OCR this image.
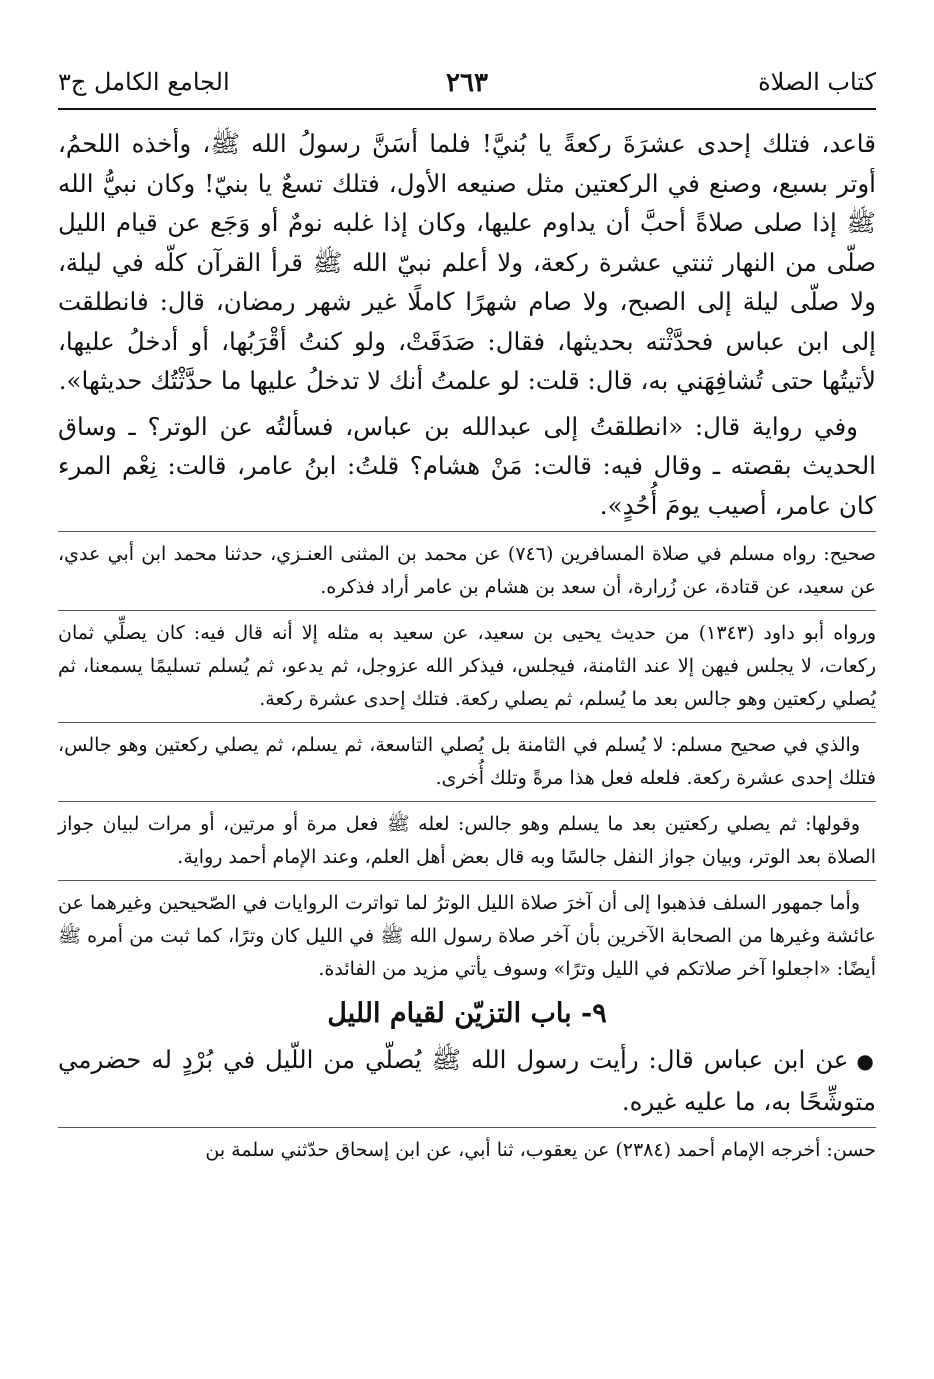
كتاب الصلاة
٢٦٣
الجامع الكامل ج٣

قاعد، فتلك إحدى عشرَةَ ركعةً يا بُنيَّ! فلما أسَنَّ رسولُ الله ﷺ، وأخذه اللحمُ، أوتر بسبع، وصنع في الركعتين مثل صنيعه الأول، فتلك تسعٌ يا بنيّ! وكان نبيُّ الله ﷺ إذا صلى صلاةً أحبَّ أن يداوم عليها، وكان إذا غلبه نومٌ أو وَجَع عن قيام الليل صلّى من النهار ثنتي عشرة ركعة، ولا أعلم نبيّ الله ﷺ قرأ القرآن كلّه في ليلة، ولا صلّى ليلة إلى الصبح، ولا صام شهرًا كاملًا غير شهر رمضان، قال: فانطلقت إلى ابن عباس فحدَّثْته بحديثها، فقال: صَدَقَتْ، ولو كنتُ أقْرَبُها، أو أدخلُ عليها، لأتيتُها حتى تُشافِهَني به، قال: قلت: لو علمتُ أنك لا تدخلُ عليها ما حدَّثْتُك حديثها».

وفي رواية قال: «انطلقتُ إلى عبدالله بن عباس، فسألتُه عن الوتر؟ ـ وساق الحديث بقصته ـ وقال فيه: قالت: مَنْ هشام؟ قلتُ: ابنُ عامر، قالت: نِعْم المرء كان عامر، أصيب يومَ أُحُدٍ».

صحيح: رواه مسلم في صلاة المسافرين (٧٤٦) عن محمد بن المثنى العنـزي، حدثنا محمد ابن أبي عدي، عن سعيد، عن قتادة، عن زُرارة، أن سعد بن هشام بن عامر أراد فذكره.

ورواه أبو داود (١٣٤٣) من حديث يحيى بن سعيد، عن سعيد به مثله إلا أنه قال فيه: كان يصلِّي ثمان ركعات، لا يجلس فيهن إلا عند الثامنة، فيجلس، فيذكر الله عزوجل، ثم يدعو، ثم يُسلم تسليمًا يسمعنا، ثم يُصلي ركعتين وهو جالس بعد ما يُسلم، ثم يصلي ركعة. فتلك إحدى عشرة ركعة.

والذي في صحيح مسلم: لا يُسلم في الثامنة بل يُصلي التاسعة، ثم يسلم، ثم يصلي ركعتين وهو جالس، فتلك إحدى عشرة ركعة. فلعله فعل هذا مرةً وتلك أُخرى.

وقولها: ثم يصلي ركعتين بعد ما يسلم وهو جالس: لعله ﷺ فعل مرة أو مرتين، أو مرات لبيان جواز الصلاة بعد الوتر، وبيان جواز النفل جالسًا وبه قال بعض أهل العلم، وعند الإمام أحمد رواية.

وأما جمهور السلف فذهبوا إلى أن آخرَ صلاة الليل الوترُ لما تواترت الروايات في الصّحيحين وغيرهما عن عائشة وغيرها من الصحابة الآخرين بأن آخر صلاة رسول الله ﷺ في الليل كان وترًا، كما ثبت من أمره ﷺ أيضًا: «اجعلوا آخر صلاتكم في الليل وترًا» وسوف يأتي مزيد من الفائدة.

٩- باب التزيّن لقيام الليل

●عن ابن عباس قال: رأيت رسول الله ﷺ يُصلّي من اللّيل في بُرْدٍ له حضرمي متوشِّحًا به، ما عليه غيره.

حسن: أخرجه الإمام أحمد (٢٣٨٤) عن يعقوب، ثنا أبي، عن ابن إسحاق حدّثني سلمة بن
